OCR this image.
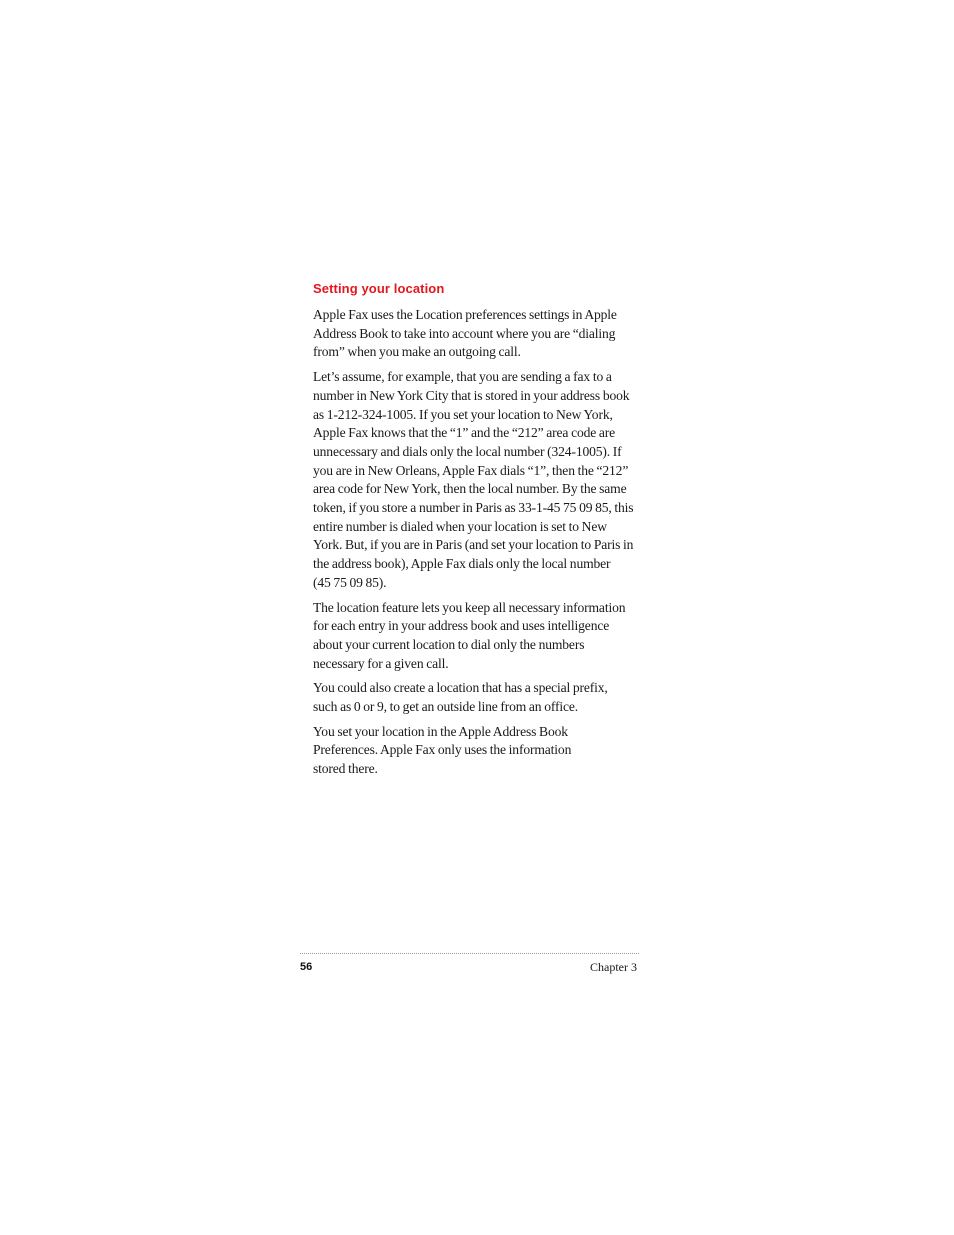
Setting your location

Apple Fax uses the Location preferences settings in Apple
Address Book to take into account where you are “dialing
from” when you make an outgoing call.

Let’s assume, for example, that you are sending a fax to a
number in New York City that is stored in your address book
as 1-212-324-1005. If you set your location to New York,
Apple Fax knows that the “1” and the “212” area code are
unnecessary and dials only the local number (324-1005). If
you are in New Orleans, Apple Fax dials “1”, then the “212”
area code for New York, then the local number. By the same
token, if you store a number in Paris as 33-1-45 75 09 85, this
entire number is dialed when your location is set to New
York. But, if you are in Paris (and set your location to Paris in
the address book), Apple Fax dials only the local number
(45 75 09 85).

The location feature lets you keep all necessary information
for each entry in your address book and uses intelligence
about your current location to dial only the numbers
necessary for a given call.

You could also create a location that has a special prefix,
such as 0 or 9, to get an outside line from an office.

You set your location in the Apple Address Book
Preferences. Apple Fax only uses the information
stored there.

56	Chapter 3
